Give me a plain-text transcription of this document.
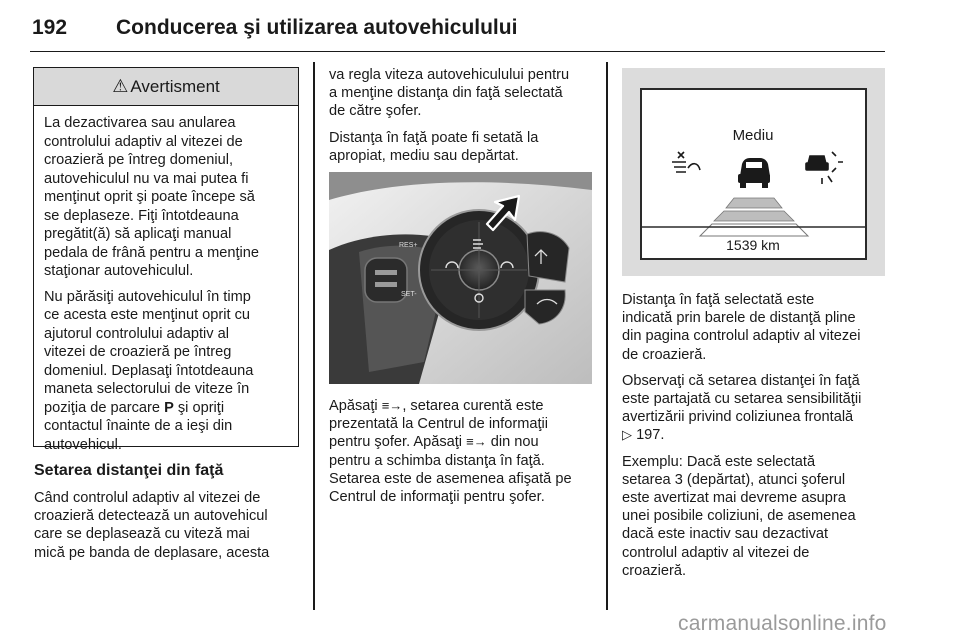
192 Conducerea şi utilizarea autovehiculului
⚠ Avertisment

La dezactivarea sau anularea
controlului adaptiv al vitezei de
croazieră pe întreg domeniul,
autovehiculul nu va mai putea fi
menţinut oprit şi poate începe să
se deplaseze. Fiţi întotdeauna
pregătit(ă) să aplicaţi manual
pedala de frână pentru a menţine
staţionar autovehiculul.

Nu părăsiţi autovehiculul în timp
ce acesta este menţinut oprit cu
ajutorul controlului adaptiv al
vitezei de croazieră pe întreg
domeniul. Deplasaţi întotdeauna
maneta selectorului de viteze în
poziţia de parcare P şi opriţi
contactul înainte de a ieşi din
autovehicul.

Setarea distanţei din faţă
Când controlul adaptiv al vitezei de
croazieră detectează un autovehicul
care se deplasează cu viteză mai
mică pe banda de deplasare, acesta

va regla viteza autovehiculului pentru
a menţine distanţa din faţă selectată
de către şofer.

Distanţa în faţă poate fi setată la
apropiat, mediu sau depărtat.

RES+
SET-
Apăsaţi ≡→, setarea curentă este
prezentată la Centrul de informaţii
pentru şofer. Apăsaţi ≡→ din nou
pentru a schimba distanţa în faţă.
Setarea este de asemenea afişată pe
Centrul de informaţii pentru şofer.
Mediu
1539 km

Distanţa în faţă selectată este
indicată prin barele de distanţă pline
din pagina controlul adaptiv al vitezei
de croazieră.

Observaţi că setarea distanţei în faţă
este partajată cu setarea sensibilităţii
avertizării privind coliziunea frontală
▷ 197.

Exemplu: Dacă este selectată
setarea 3 (depărtat), atunci şoferul
este avertizat mai devreme asupra
unei posibile coliziuni, de asemenea
dacă este inactiv sau dezactivat
controlul adaptiv al vitezei de
croazieră.

carmanualsonline.info
